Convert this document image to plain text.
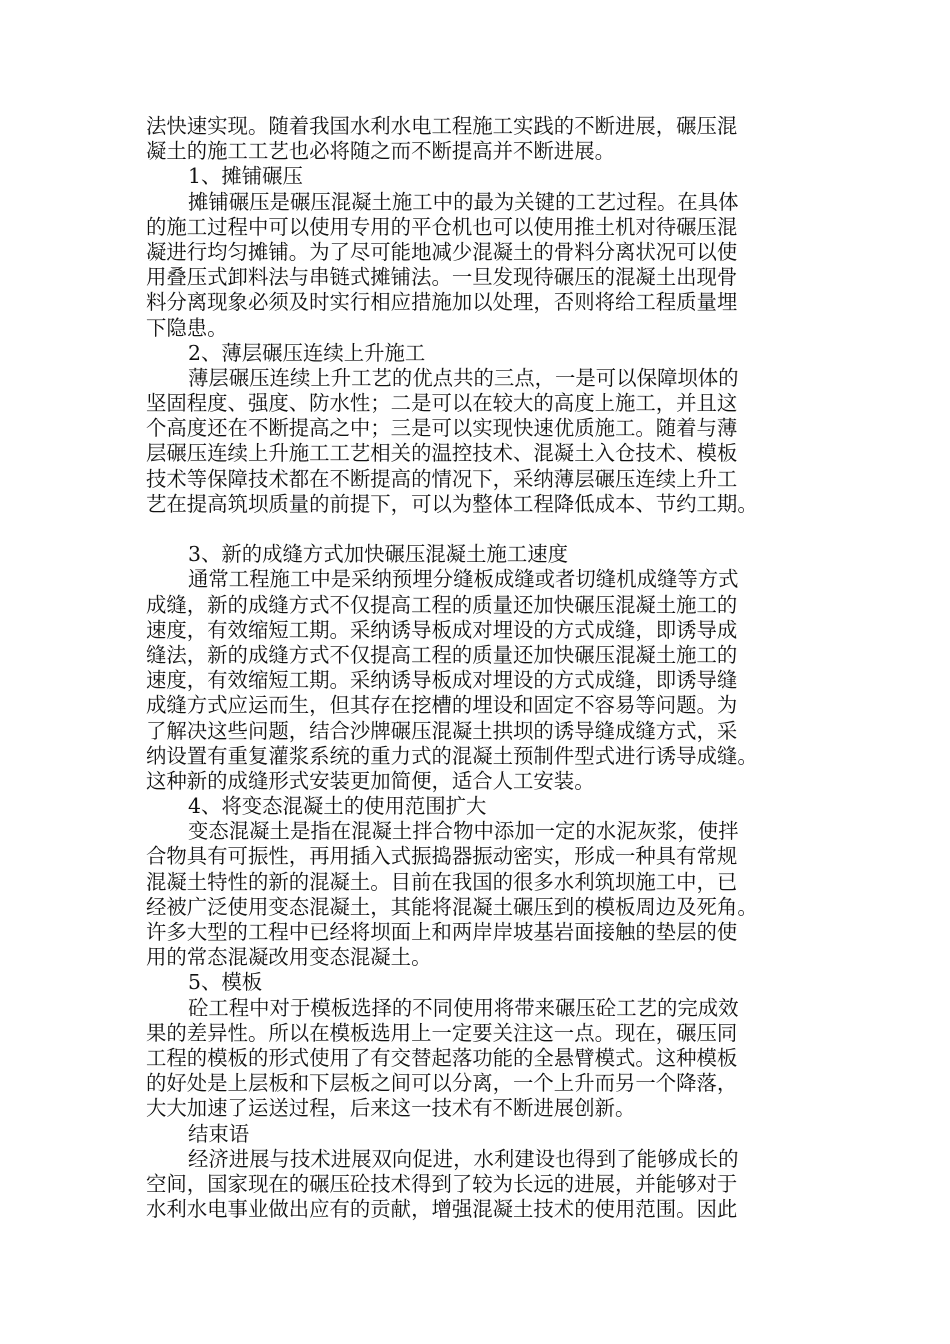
法快速实现。随着我国水利水电工程施工实践的不断进展，碾压混
凝土的施工工艺也必将随之而不断提高并不断进展。
1、摊铺碾压
摊铺碾压是碾压混凝土施工中的最为关键的工艺过程。在具体
的施工过程中可以使用专用的平仓机也可以使用推土机对待碾压混
凝进行均匀摊铺。为了尽可能地减少混凝土的骨料分离状况可以使
用叠压式卸料法与串链式摊铺法。一旦发现待碾压的混凝土出现骨
料分离现象必须及时实行相应措施加以处理，否则将给工程质量埋
下隐患。
2、薄层碾压连续上升施工
薄层碾压连续上升工艺的优点共的三点，一是可以保障坝体的
坚固程度、强度、防水性；二是可以在较大的高度上施工，并且这
个高度还在不断提高之中；三是可以实现快速优质施工。随着与薄
层碾压连续上升施工工艺相关的温控技术、混凝土入仓技术、模板
技术等保障技术都在不断提高的情况下，采纳薄层碾压连续上升工
艺在提高筑坝质量的前提下，可以为整体工程降低成本、节约工期。
3、新的成缝方式加快碾压混凝土施工速度
通常工程施工中是采纳预埋分缝板成缝或者切缝机成缝等方式
成缝，新的成缝方式不仅提高工程的质量还加快碾压混凝土施工的
速度，有效缩短工期。采纳诱导板成对埋设的方式成缝，即诱导成
缝法，新的成缝方式不仅提高工程的质量还加快碾压混凝土施工的
速度，有效缩短工期。采纳诱导板成对埋设的方式成缝，即诱导缝
成缝方式应运而生，但其存在挖槽的埋设和固定不容易等问题。为
了解决这些问题，结合沙牌碾压混凝土拱坝的诱导缝成缝方式，采
纳设置有重复灌浆系统的重力式的混凝土预制件型式进行诱导成缝。
这种新的成缝形式安装更加简便，适合人工安装。
4、将变态混凝土的使用范围扩大
变态混凝土是指在混凝土拌合物中添加一定的水泥灰浆，使拌
合物具有可振性，再用插入式振捣器振动密实，形成一种具有常规
混凝土特性的新的混凝土。目前在我国的很多水利筑坝施工中，已
经被广泛使用变态混凝土，其能将混凝土碾压到的模板周边及死角。
许多大型的工程中已经将坝面上和两岸岸坡基岩面接触的垫层的使
用的常态混凝改用变态混凝土。
5、模板
砼工程中对于模板选择的不同使用将带来碾压砼工艺的完成效
果的差异性。所以在模板选用上一定要关注这一点。现在，碾压同
工程的模板的形式使用了有交替起落功能的全悬臂模式。这种模板
的好处是上层板和下层板之间可以分离，一个上升而另一个降落，
大大加速了运送过程，后来这一技术有不断进展创新。
结束语
经济进展与技术进展双向促进，水利建设也得到了能够成长的
空间，国家现在的碾压砼技术得到了较为长远的进展，并能够对于
水利水电事业做出应有的贡献，增强混凝土技术的使用范围。因此
